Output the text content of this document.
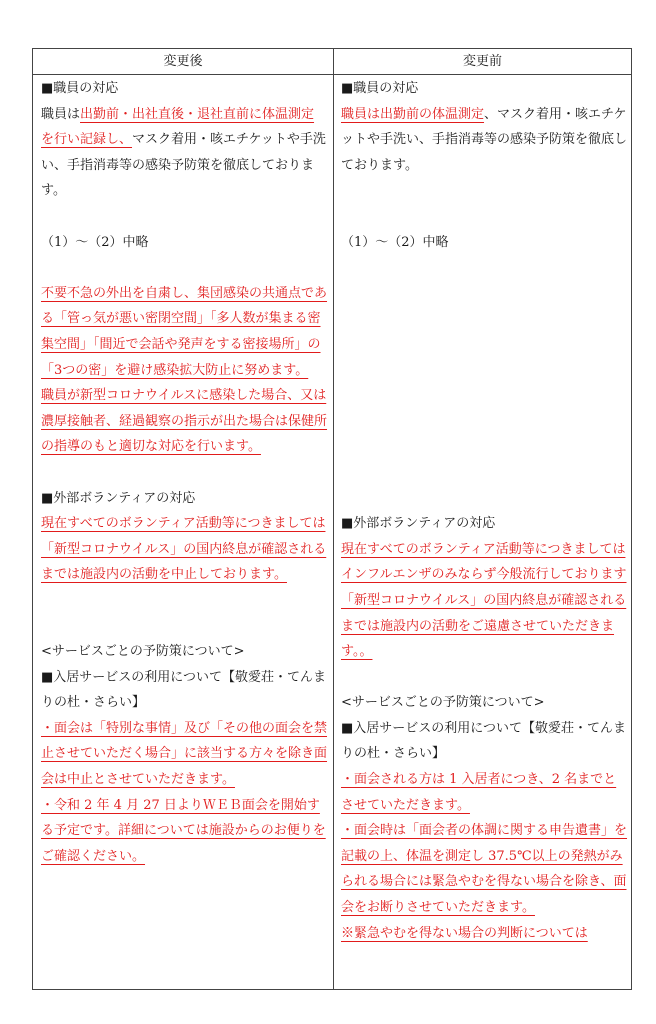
変更後	変更前

■職員の対応

職員は出勤前・出社直後・退社直前に体温測定を行い記録し、マスク着用・咳エチケットや手洗い、手指消毒等の感染予防策を徹底しております。

（1）～（2）中略

不要不急の外出を自粛し、集団感染の共通点である「管っ気が悪い密閉空間」「多人数が集まる密集空間」「間近で会話や発声をする密接場所」の「3つの密」を避け感染拡大防止に努めます。

職員が新型コロナウイルスに感染した場合、又は濃厚接触者、経過観察の指示が出た場合は保健所の指導のもと適切な対応を行います。

■外部ボランティアの対応

現在すべてのボランティア活動等につきましては「新型コロナウイルス」の国内終息が確認されるまでは施設内の活動を中止しております。

<サービスごとの予防策について>

■入居サービスの利用について【敬愛荘・てんまりの杜・さらい】

・面会は「特別な事情」及び「その他の面会を禁止させていただく場合」に該当する方々を除き面会は中止とさせていただきます。

・令和 2 年 4 月 27 日よりＷＥＢ面会を開始する予定です。詳細については施設からのお便りをご確認ください。

■職員の対応

職員は出勤前の体温測定、マスク着用・咳エチケットや手洗い、手指消毒等の感染予防策を徹底しております。

（1）～（2）中略

■外部ボランティアの対応

現在すべてのボランティア活動等につきましてはインフルエンザのみならず今般流行しております「新型コロナウイルス」の国内終息が確認されるまでは施設内の活動をご遠慮させていただきます。。

<サービスごとの予防策について>

■入居サービスの利用について【敬愛荘・てんまりの杜・さらい】

・面会される方は 1 入居者につき、2 名までとさせていただきます。

・面会時は「面会者の体調に関する申告遺書」を記載の上、体温を測定し 37.5℃以上の発熱がみられる場合には緊急やむを得ない場合を除き、面会をお断りさせていただきます。

※緊急やむを得ない場合の判断については
